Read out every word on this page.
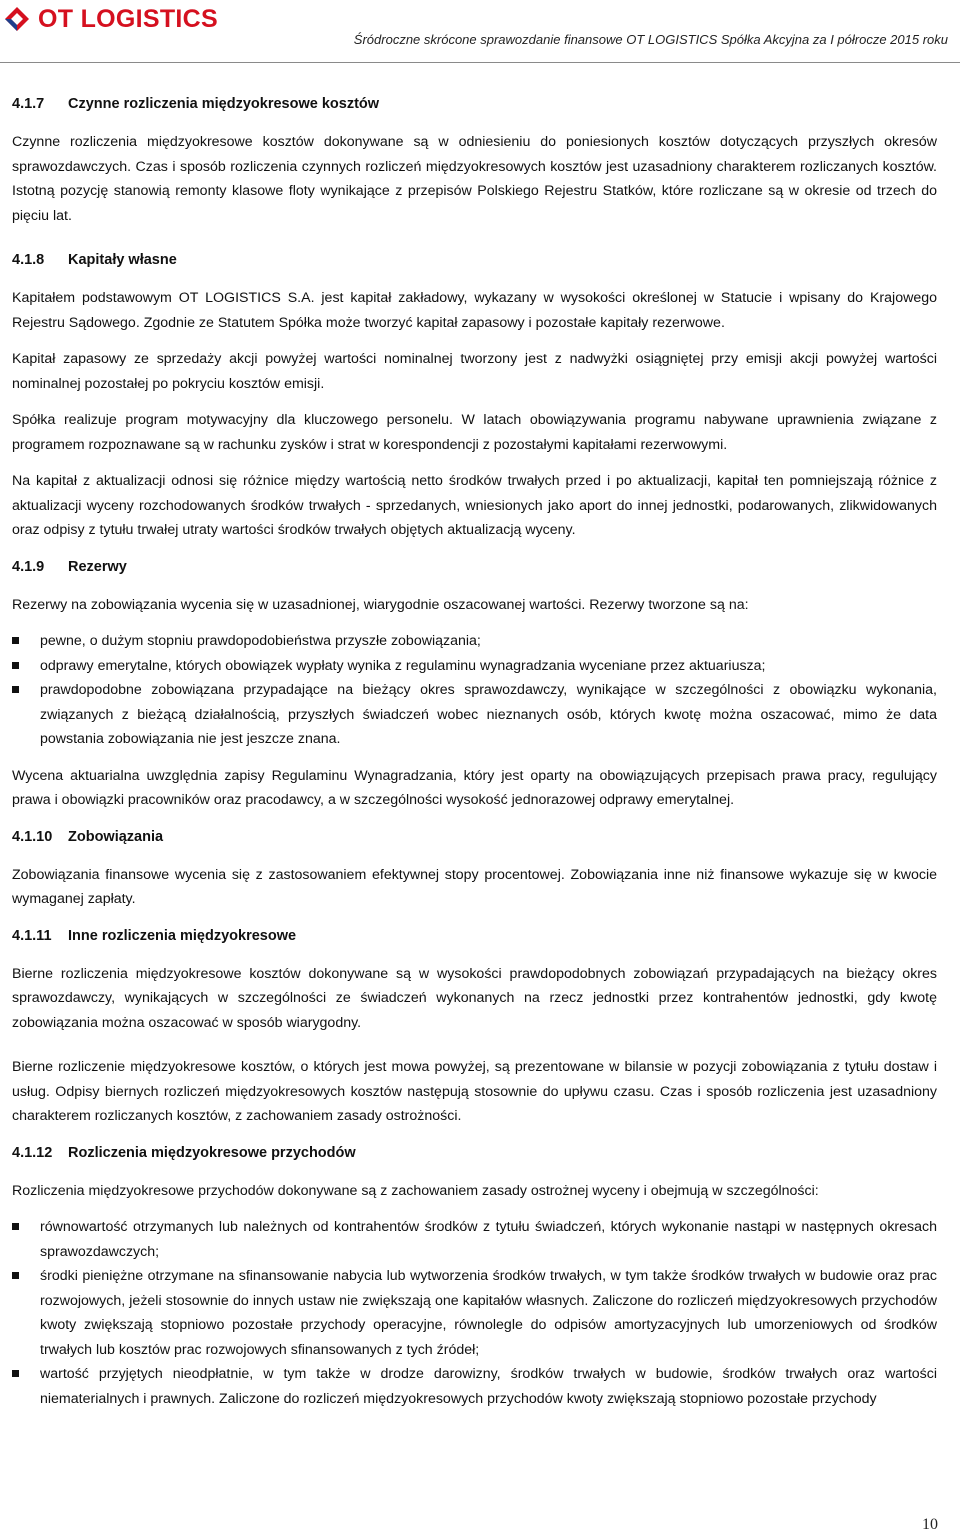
OT LOGISTICS
Śródroczne skrócone sprawozdanie finansowe OT LOGISTICS Spółka Akcyjna za I półrocze 2015 roku
4.1.7 Czynne rozliczenia międzyokresowe kosztów

Czynne rozliczenia międzyokresowe kosztów dokonywane są w odniesieniu do poniesionych kosztów dotyczących przyszłych okresów sprawozdawczych. Czas i sposób rozliczenia czynnych rozliczeń międzyokresowych kosztów jest uzasadniony charakterem rozliczanych kosztów. Istotną pozycję stanowią remonty klasowe floty wynikające z przepisów Polskiego Rejestru Statków, które rozliczane są w okresie od trzech do pięciu lat.

4.1.8 Kapitały własne

Kapitałem podstawowym OT LOGISTICS S.A. jest kapitał zakładowy, wykazany w wysokości określonej w Statucie i wpisany do Krajowego Rejestru Sądowego. Zgodnie ze Statutem Spółka może tworzyć kapitał zapasowy i pozostałe kapitały rezerwowe.

Kapitał zapasowy ze sprzedaży akcji powyżej wartości nominalnej tworzony jest z nadwyżki osiągniętej przy emisji akcji powyżej wartości nominalnej pozostałej po pokryciu kosztów emisji.

Spółka realizuje program motywacyjny dla kluczowego personelu. W latach obowiązywania programu nabywane uprawnienia związane z programem rozpoznawane są w rachunku zysków i strat w korespondencji z pozostałymi kapitałami rezerwowymi.

Na kapitał z aktualizacji odnosi się różnice między wartością netto środków trwałych przed i po aktualizacji, kapitał ten pomniejszają różnice z aktualizacji wyceny rozchodowanych środków trwałych - sprzedanych, wniesionych jako aport do innej jednostki, podarowanych, zlikwidowanych oraz odpisy z tytułu trwałej utraty wartości środków trwałych objętych aktualizacją wyceny.

4.1.9 Rezerwy

Rezerwy na zobowiązania wycenia się w uzasadnionej, wiarygodnie oszacowanej wartości. Rezerwy tworzone są na:

pewne, o dużym stopniu prawdopodobieństwa przyszłe zobowiązania;
odprawy emerytalne, których obowiązek wypłaty wynika z regulaminu wynagradzania wyceniane przez aktuariusza;
prawdopodobne zobowiązana przypadające na bieżący okres sprawozdawczy, wynikające w szczególności z obowiązku wykonania, związanych z bieżącą działalnością, przyszłych świadczeń wobec nieznanych osób, których kwotę można oszacować, mimo że data powstania zobowiązania nie jest jeszcze znana.

Wycena aktuarialna uwzględnia zapisy Regulaminu Wynagradzania, który jest oparty na obowiązujących przepisach prawa pracy, regulujący prawa i obowiązki pracowników oraz pracodawcy, a w szczególności wysokość jednorazowej odprawy emerytalnej.

4.1.10 Zobowiązania

Zobowiązania finansowe wycenia się z zastosowaniem efektywnej stopy procentowej. Zobowiązania inne niż finansowe wykazuje się w kwocie wymaganej zapłaty.

4.1.11 Inne rozliczenia międzyokresowe

Bierne rozliczenia międzyokresowe kosztów dokonywane są w wysokości prawdopodobnych zobowiązań przypadających na bieżący okres sprawozdawczy, wynikających w szczególności ze świadczeń wykonanych na rzecz jednostki przez kontrahentów jednostki, gdy kwotę zobowiązania można oszacować w sposób wiarygodny.

Bierne rozliczenie międzyokresowe kosztów, o których jest mowa powyżej, są prezentowane w bilansie w pozycji zobowiązania z tytułu dostaw i usług. Odpisy biernych rozliczeń międzyokresowych kosztów następują stosownie do upływu czasu. Czas i sposób rozliczenia jest uzasadniony charakterem rozliczanych kosztów, z zachowaniem zasady ostrożności.

4.1.12 Rozliczenia międzyokresowe przychodów

Rozliczenia międzyokresowe przychodów dokonywane są z zachowaniem zasady ostrożnej wyceny i obejmują w szczególności:

równowartość otrzymanych lub należnych od kontrahentów środków z tytułu świadczeń, których wykonanie nastąpi w następnych okresach sprawozdawczych;
środki pieniężne otrzymane na sfinansowanie nabycia lub wytworzenia środków trwałych, w tym także środków trwałych w budowie oraz prac rozwojowych, jeżeli stosownie do innych ustaw nie zwiększają one kapitałów własnych. Zaliczone do rozliczeń międzyokresowych przychodów kwoty zwiększają stopniowo pozostałe przychody operacyjne, równolegle do odpisów amortyzacyjnych lub umorzeniowych od środków trwałych lub kosztów prac rozwojowych sfinansowanych z tych źródeł;
wartość przyjętych nieodpłatnie, w tym także w drodze darowizny, środków trwałych w budowie, środków trwałych oraz wartości niematerialnych i prawnych. Zaliczone do rozliczeń międzyokresowych przychodów kwoty zwiększają stopniowo pozostałe przychody
10
